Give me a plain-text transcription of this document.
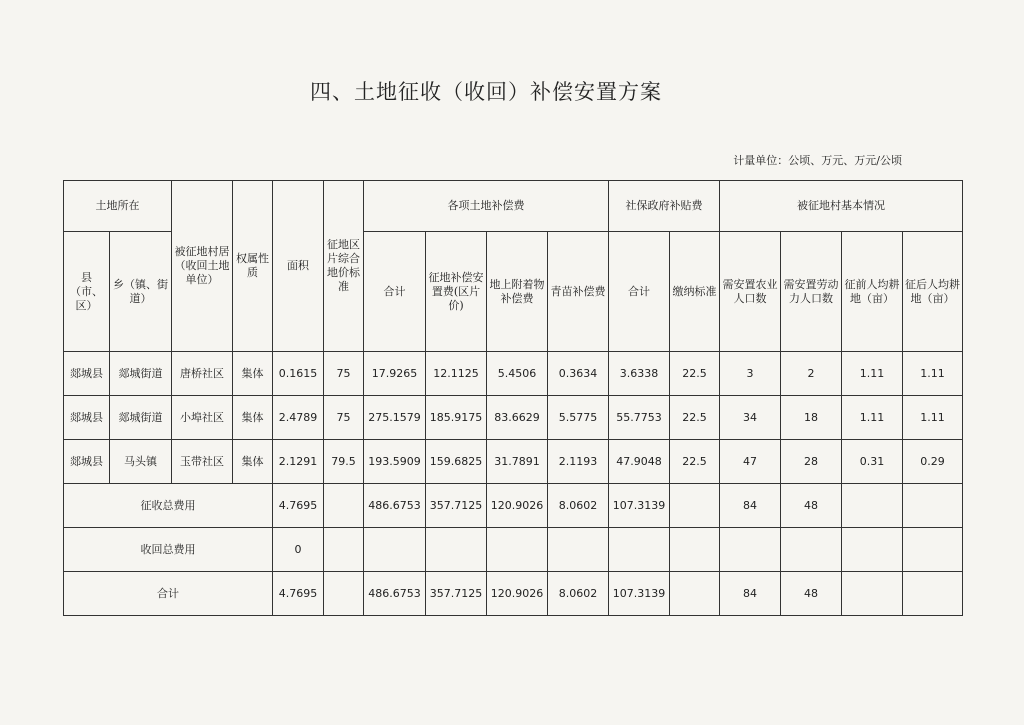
四、土地征收（收回）补偿安置方案
计量单位：公顷、万元、万元/公顷
土地所在		被征地村居（收回土地单位）	权属性质	面积	征地区片综合地价标准	各项土地补偿费				社保政府补贴费		被征地村基本情况			
县（市、区）	乡（镇、街道）					合计	征地补偿安置费(区片价)	地上附着物补偿费	青苗补偿费	合计	缴纳标准	需安置农业人口数	需安置劳动力人口数	征前人均耕地（亩）	征后人均耕地（亩）
郯城县	郯城街道	唐桥社区	集体	0.1615	75	17.9265	12.1125	5.4506	0.3634	3.6338	22.5	3	2	1.11	1.11
郯城县	郯城街道	小埠社区	集体	2.4789	75	275.1579	185.9175	83.6629	5.5775	55.7753	22.5	34	18	1.11	1.11
郯城县	马头镇	玉带社区	集体	2.1291	79.5	193.5909	159.6825	31.7891	2.1193	47.9048	22.5	47	28	0.31	0.29
征收总费用				4.7695		486.6753	357.7125	120.9026	8.0602	107.3139		84	48		
收回总费用				0											
合计				4.7695		486.6753	357.7125	120.9026	8.0602	107.3139		84	48		
